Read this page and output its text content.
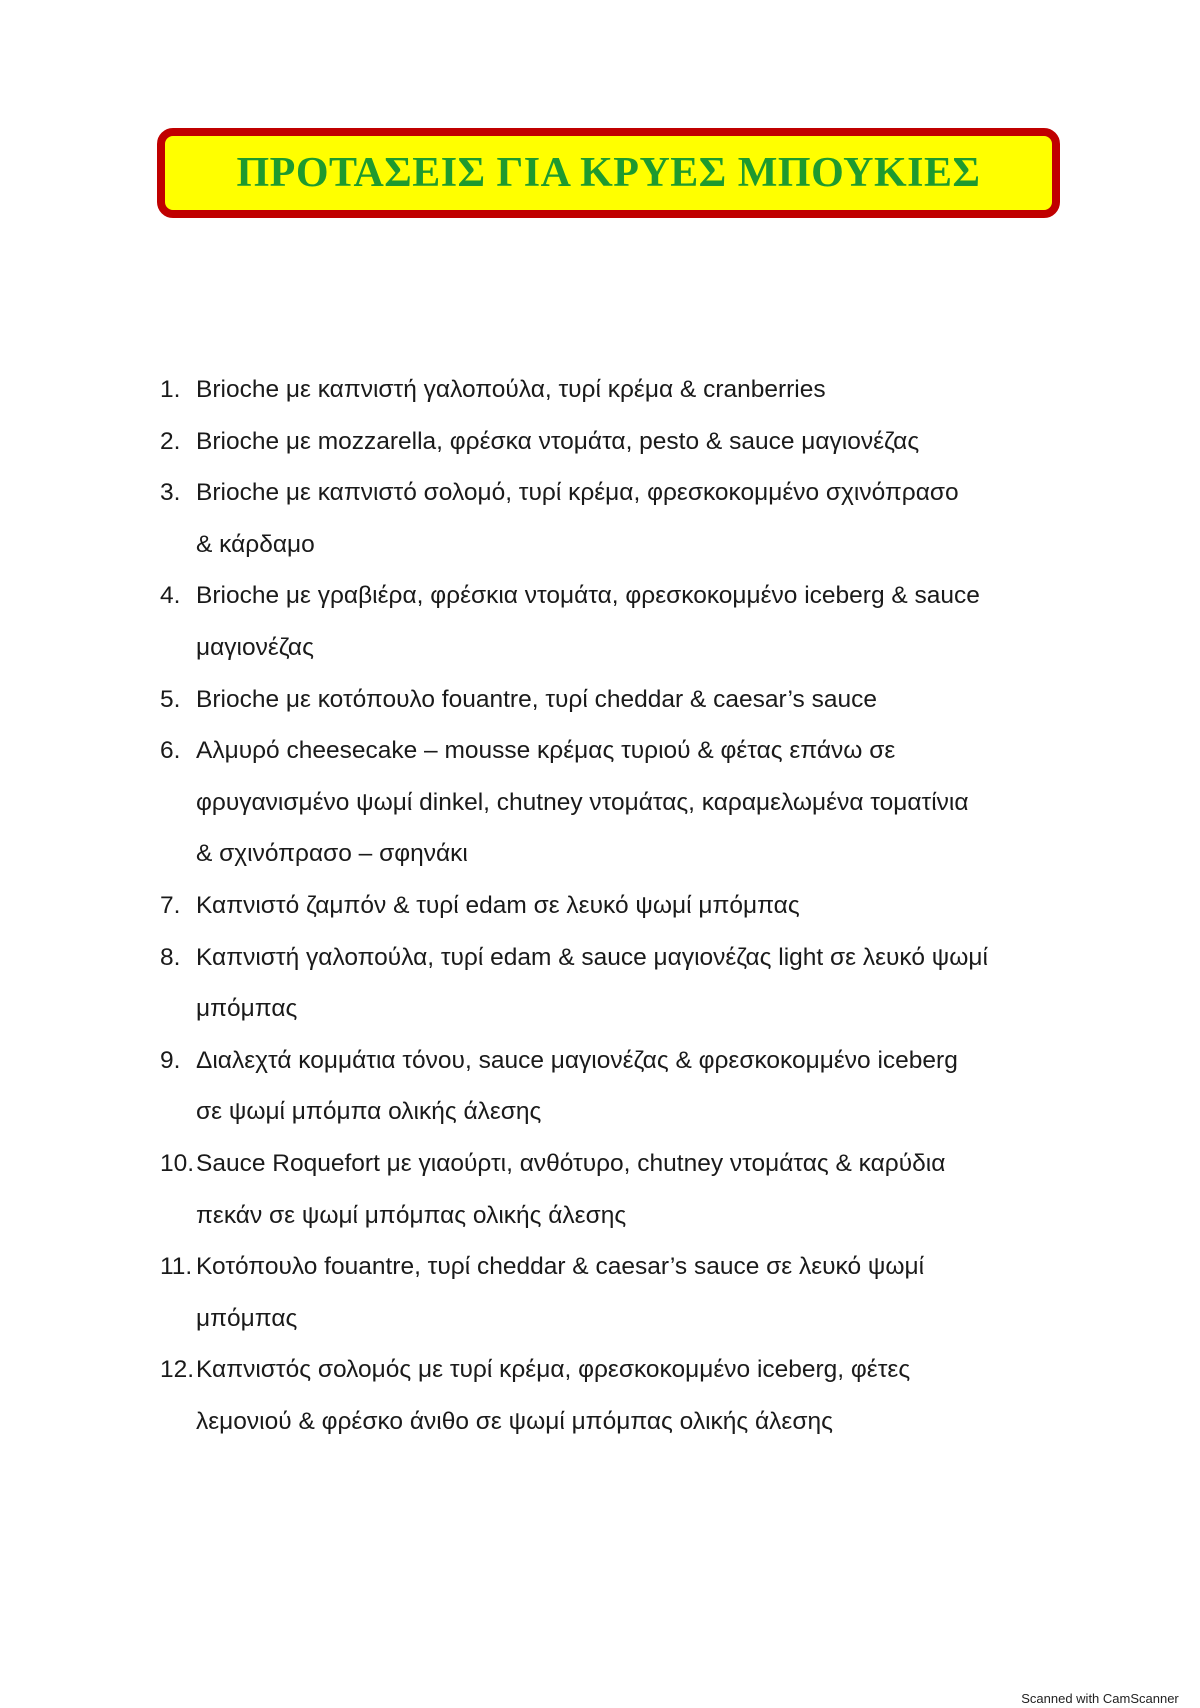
ΠΡΟΤΑΣΕΙΣ ΓΙΑ ΚΡΥΕΣ ΜΠΟΥΚΙΕΣ
1. Brioche με καπνιστή γαλοπούλα, τυρί κρέμα & cranberries
2. Brioche με mozzarella, φρέσκα ντομάτα, pesto & sauce μαγιονέζας
3. Brioche με καπνιστό σολομό, τυρί κρέμα, φρεσκοκομμένο σχινόπρασο
& κάρδαμο
4. Brioche με γραβιέρα, φρέσκια ντομάτα, φρεσκοκομμένο iceberg & sauce
μαγιονέζας
5. Brioche με κοτόπουλο fouantre, τυρί cheddar & caesar’s sauce
6. Αλμυρό cheesecake – mousse κρέμας τυριού & φέτας επάνω σε
φρυγανισμένο ψωμί dinkel, chutney ντομάτας, καραμελωμένα τοματίνια
& σχινόπρασο – σφηνάκι
7. Καπνιστό ζαμπόν & τυρί edam σε λευκό ψωμί μπόμπας
8. Καπνιστή γαλοπούλα, τυρί edam & sauce μαγιονέζας light σε λευκό ψωμί
μπόμπας
9. Διαλεχτά κομμάτια τόνου, sauce μαγιονέζας & φρεσκοκομμένο iceberg
σε ψωμί μπόμπα ολικής άλεσης
10. Sauce Roquefort με γιαούρτι, ανθότυρο, chutney ντομάτας & καρύδια
πεκάν σε ψωμί μπόμπας ολικής άλεσης
11. Κοτόπουλο fouantre, τυρί cheddar & caesar’s sauce σε λευκό ψωμί
μπόμπας
12. Καπνιστός σολομός με τυρί κρέμα, φρεσκοκομμένο iceberg, φέτες
λεμονιού & φρέσκο άνιθο σε ψωμί μπόμπας ολικής άλεσης
Scanned with CamScanner
